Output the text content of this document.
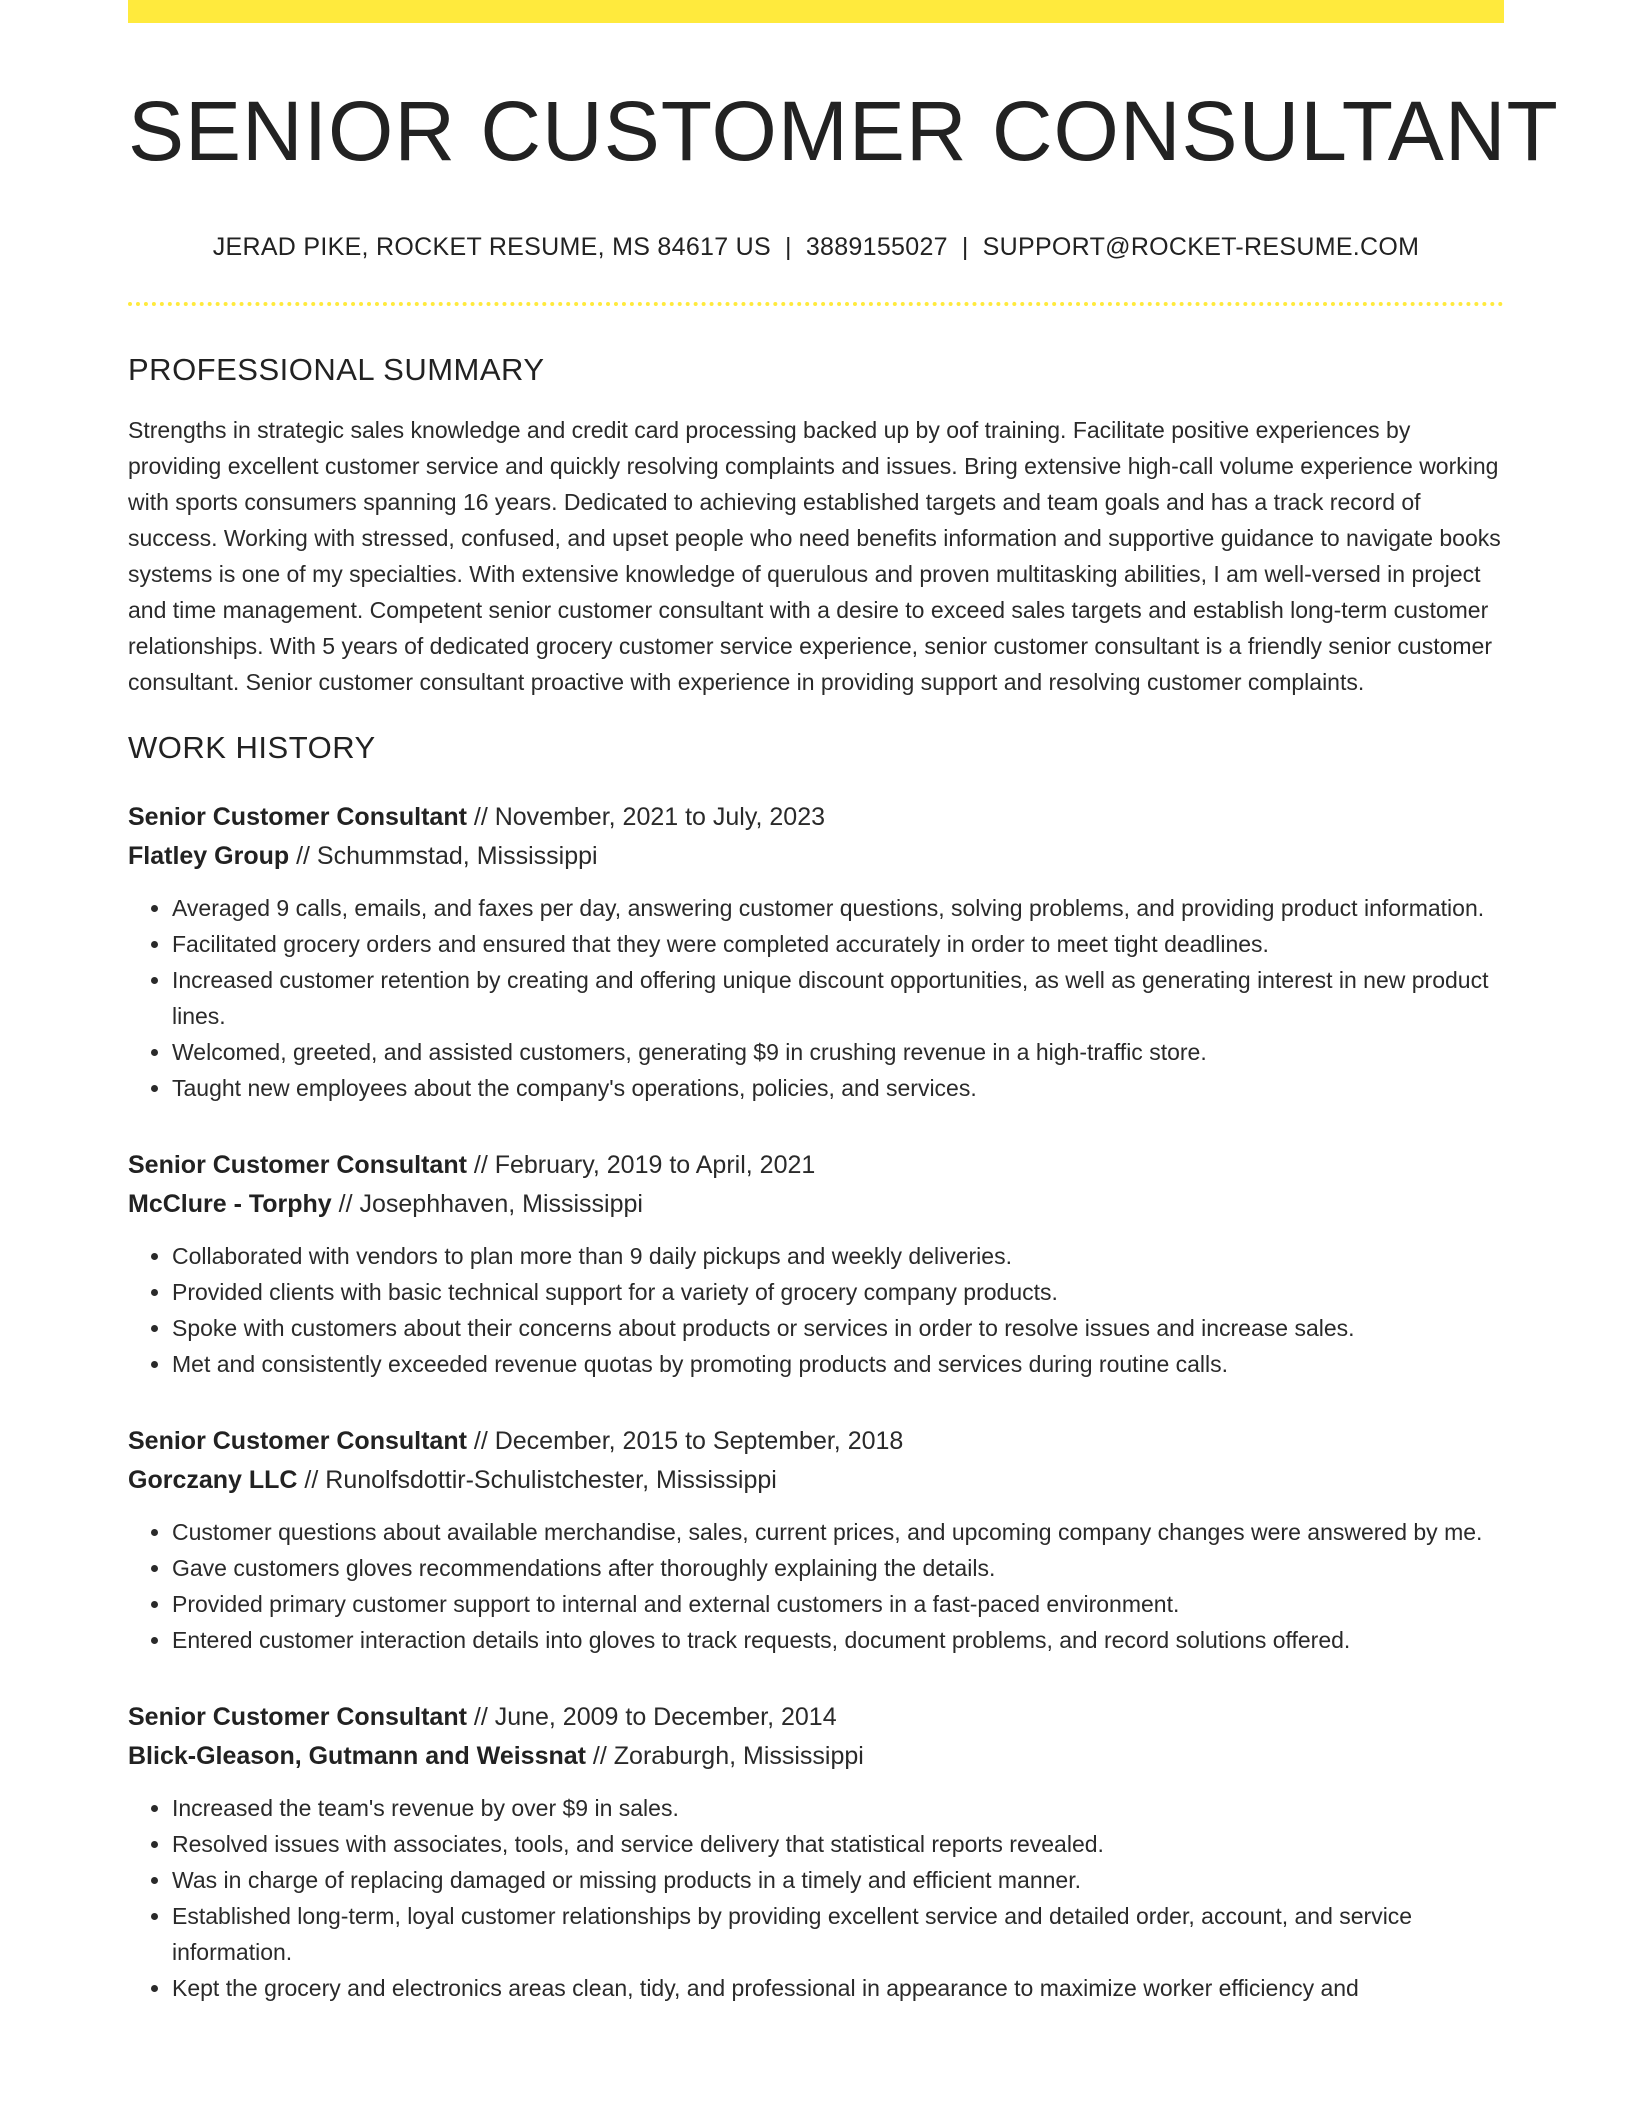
SENIOR CUSTOMER CONSULTANT
JERAD PIKE, ROCKET RESUME, MS 84617 US | 3889155027 | SUPPORT@ROCKET-RESUME.COM
PROFESSIONAL SUMMARY

Strengths in strategic sales knowledge and credit card processing backed up by oof training. Facilitate positive experiences by providing excellent customer service and quickly resolving complaints and issues. Bring extensive high-call volume experience working with sports consumers spanning 16 years. Dedicated to achieving established targets and team goals and has a track record of success. Working with stressed, confused, and upset people who need benefits information and supportive guidance to navigate books systems is one of my specialties. With extensive knowledge of querulous and proven multitasking abilities, I am well-versed in project and time management. Competent senior customer consultant with a desire to exceed sales targets and establish long-term customer relationships. With 5 years of dedicated grocery customer service experience, senior customer consultant is a friendly senior customer consultant. Senior customer consultant proactive with experience in providing support and resolving customer complaints.

WORK HISTORY
Senior Customer Consultant // November, 2021 to July, 2023
Flatley Group // Schummstad, Mississippi
• Averaged 9 calls, emails, and faxes per day, answering customer questions, solving problems, and providing product information.
• Facilitated grocery orders and ensured that they were completed accurately in order to meet tight deadlines.
• Increased customer retention by creating and offering unique discount opportunities, as well as generating interest in new product lines.
• Welcomed, greeted, and assisted customers, generating $9 in crushing revenue in a high-traffic store.
• Taught new employees about the company's operations, policies, and services.
Senior Customer Consultant // February, 2019 to April, 2021
McClure - Torphy // Josephhaven, Mississippi
• Collaborated with vendors to plan more than 9 daily pickups and weekly deliveries.
• Provided clients with basic technical support for a variety of grocery company products.
• Spoke with customers about their concerns about products or services in order to resolve issues and increase sales.
• Met and consistently exceeded revenue quotas by promoting products and services during routine calls.
Senior Customer Consultant // December, 2015 to September, 2018
Gorczany LLC // Runolfsdottir-Schulistchester, Mississippi
• Customer questions about available merchandise, sales, current prices, and upcoming company changes were answered by me.
• Gave customers gloves recommendations after thoroughly explaining the details.
• Provided primary customer support to internal and external customers in a fast-paced environment.
• Entered customer interaction details into gloves to track requests, document problems, and record solutions offered.
Senior Customer Consultant // June, 2009 to December, 2014
Blick-Gleason, Gutmann and Weissnat // Zoraburgh, Mississippi
• Increased the team's revenue by over $9 in sales.
• Resolved issues with associates, tools, and service delivery that statistical reports revealed.
• Was in charge of replacing damaged or missing products in a timely and efficient manner.
• Established long-term, loyal customer relationships by providing excellent service and detailed order, account, and service information.
• Kept the grocery and electronics areas clean, tidy, and professional in appearance to maximize worker efficiency and
